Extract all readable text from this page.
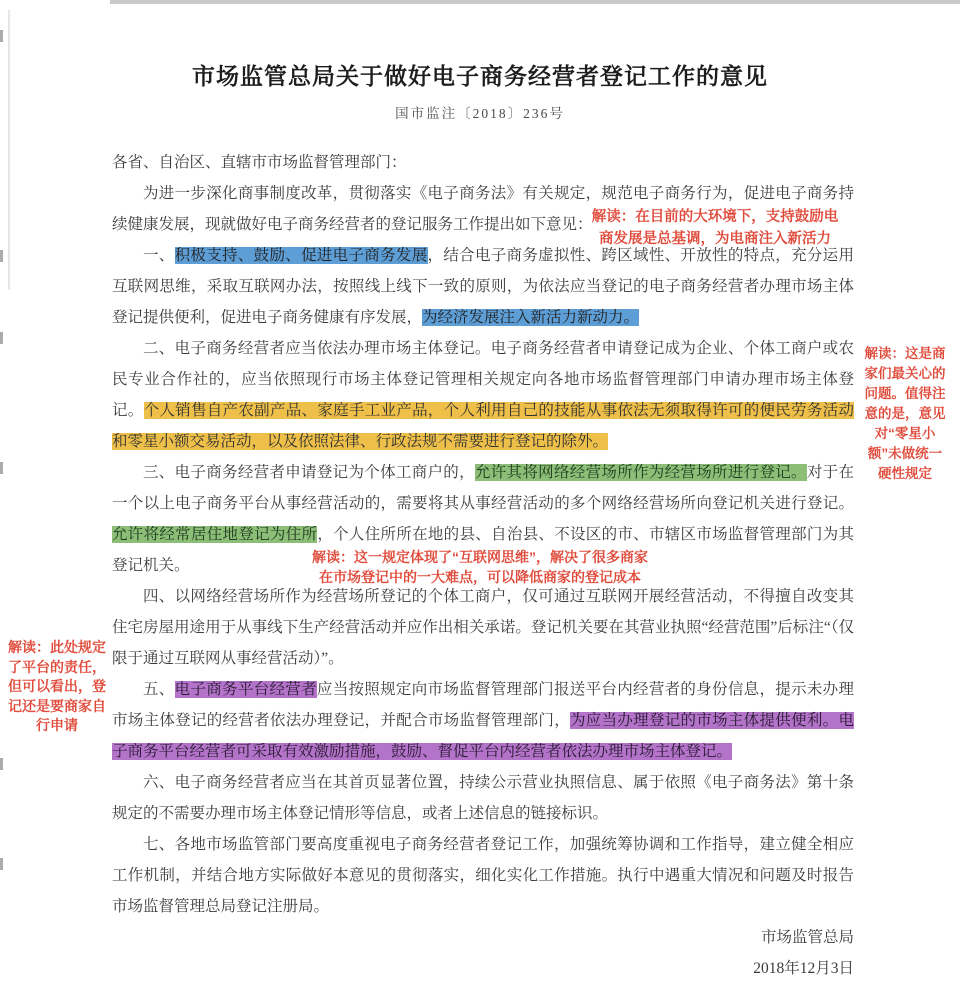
市场监管总局关于做好电子商务经营者登记工作的意见
国市监注〔2018〕236号

各省、自治区、直辖市市场监督管理部门：

为进一步深化商事制度改革，贯彻落实《电子商务法》有关规定，规范电子商务行为，促进电子商务持续健康发展，现就做好电子商务经营者的登记服务工作提出如下意见：

一、积极支持、鼓励、促进电子商务发展，结合电子商务虚拟性、跨区域性、开放性的特点，充分运用互联网思维，采取互联网办法，按照线上线下一致的原则，为依法应当登记的电子商务经营者办理市场主体登记提供便利，促进电子商务健康有序发展，为经济发展注入新活力新动力。

二、电子商务经营者应当依法办理市场主体登记。电子商务经营者申请登记成为企业、个体工商户或农民专业合作社的，应当依照现行市场主体登记管理相关规定向各地市场监督管理部门申请办理市场主体登记。个人销售自产农副产品、家庭手工业产品，个人利用自己的技能从事依法无须取得许可的便民劳务活动和零星小额交易活动，以及依照法律、行政法规不需要进行登记的除外。

三、电子商务经营者申请登记为个体工商户的，允许其将网络经营场所作为经营场所进行登记。对于在一个以上电子商务平台从事经营活动的，需要将其从事经营活动的多个网络经营场所向登记机关进行登记。允许将经常居住地登记为住所，个人住所所在地的县、自治县、不设区的市、市辖区市场监督管理部门为其登记机关。

四、以网络经营场所作为经营场所登记的个体工商户，仅可通过互联网开展经营活动，不得擅自改变其住宅房屋用途用于从事线下生产经营活动并应作出相关承诺。登记机关要在其营业执照“经营范围”后标注“（仅限于通过互联网从事经营活动）”。

五、电子商务平台经营者应当按照规定向市场监督管理部门报送平台内经营者的身份信息，提示未办理市场主体登记的经营者依法办理登记，并配合市场监督管理部门，为应当办理登记的市场主体提供便利。电子商务平台经营者可采取有效激励措施，鼓励、督促平台内经营者依法办理市场主体登记。

六、电子商务经营者应当在其首页显著位置，持续公示营业执照信息、属于依照《电子商务法》第十条规定的不需要办理市场主体登记情形等信息，或者上述信息的链接标识。

七、各地市场监管部门要高度重视电子商务经营者登记工作，加强统筹协调和工作指导，建立健全相应工作机制，并结合地方实际做好本意见的贯彻落实，细化实化工作措施。执行中遇重大情况和问题及时报告市场监督管理总局登记注册局。

市场监管总局

2018年12月3日

解读：在目前的大环境下，支持鼓励电
商发展是总基调，为电商注入新活力
解读：这是商
家们最关心的
问题。值得注
意的是，意见
对“零星小
额”未做统一
硬性规定
解读：这一规定体现了“互联网思维”，解决了很多商家
在市场登记中的一大难点，可以降低商家的登记成本
解读：此处规定
了平台的责任，
但可以看出，登
记还是要商家自
行申请
